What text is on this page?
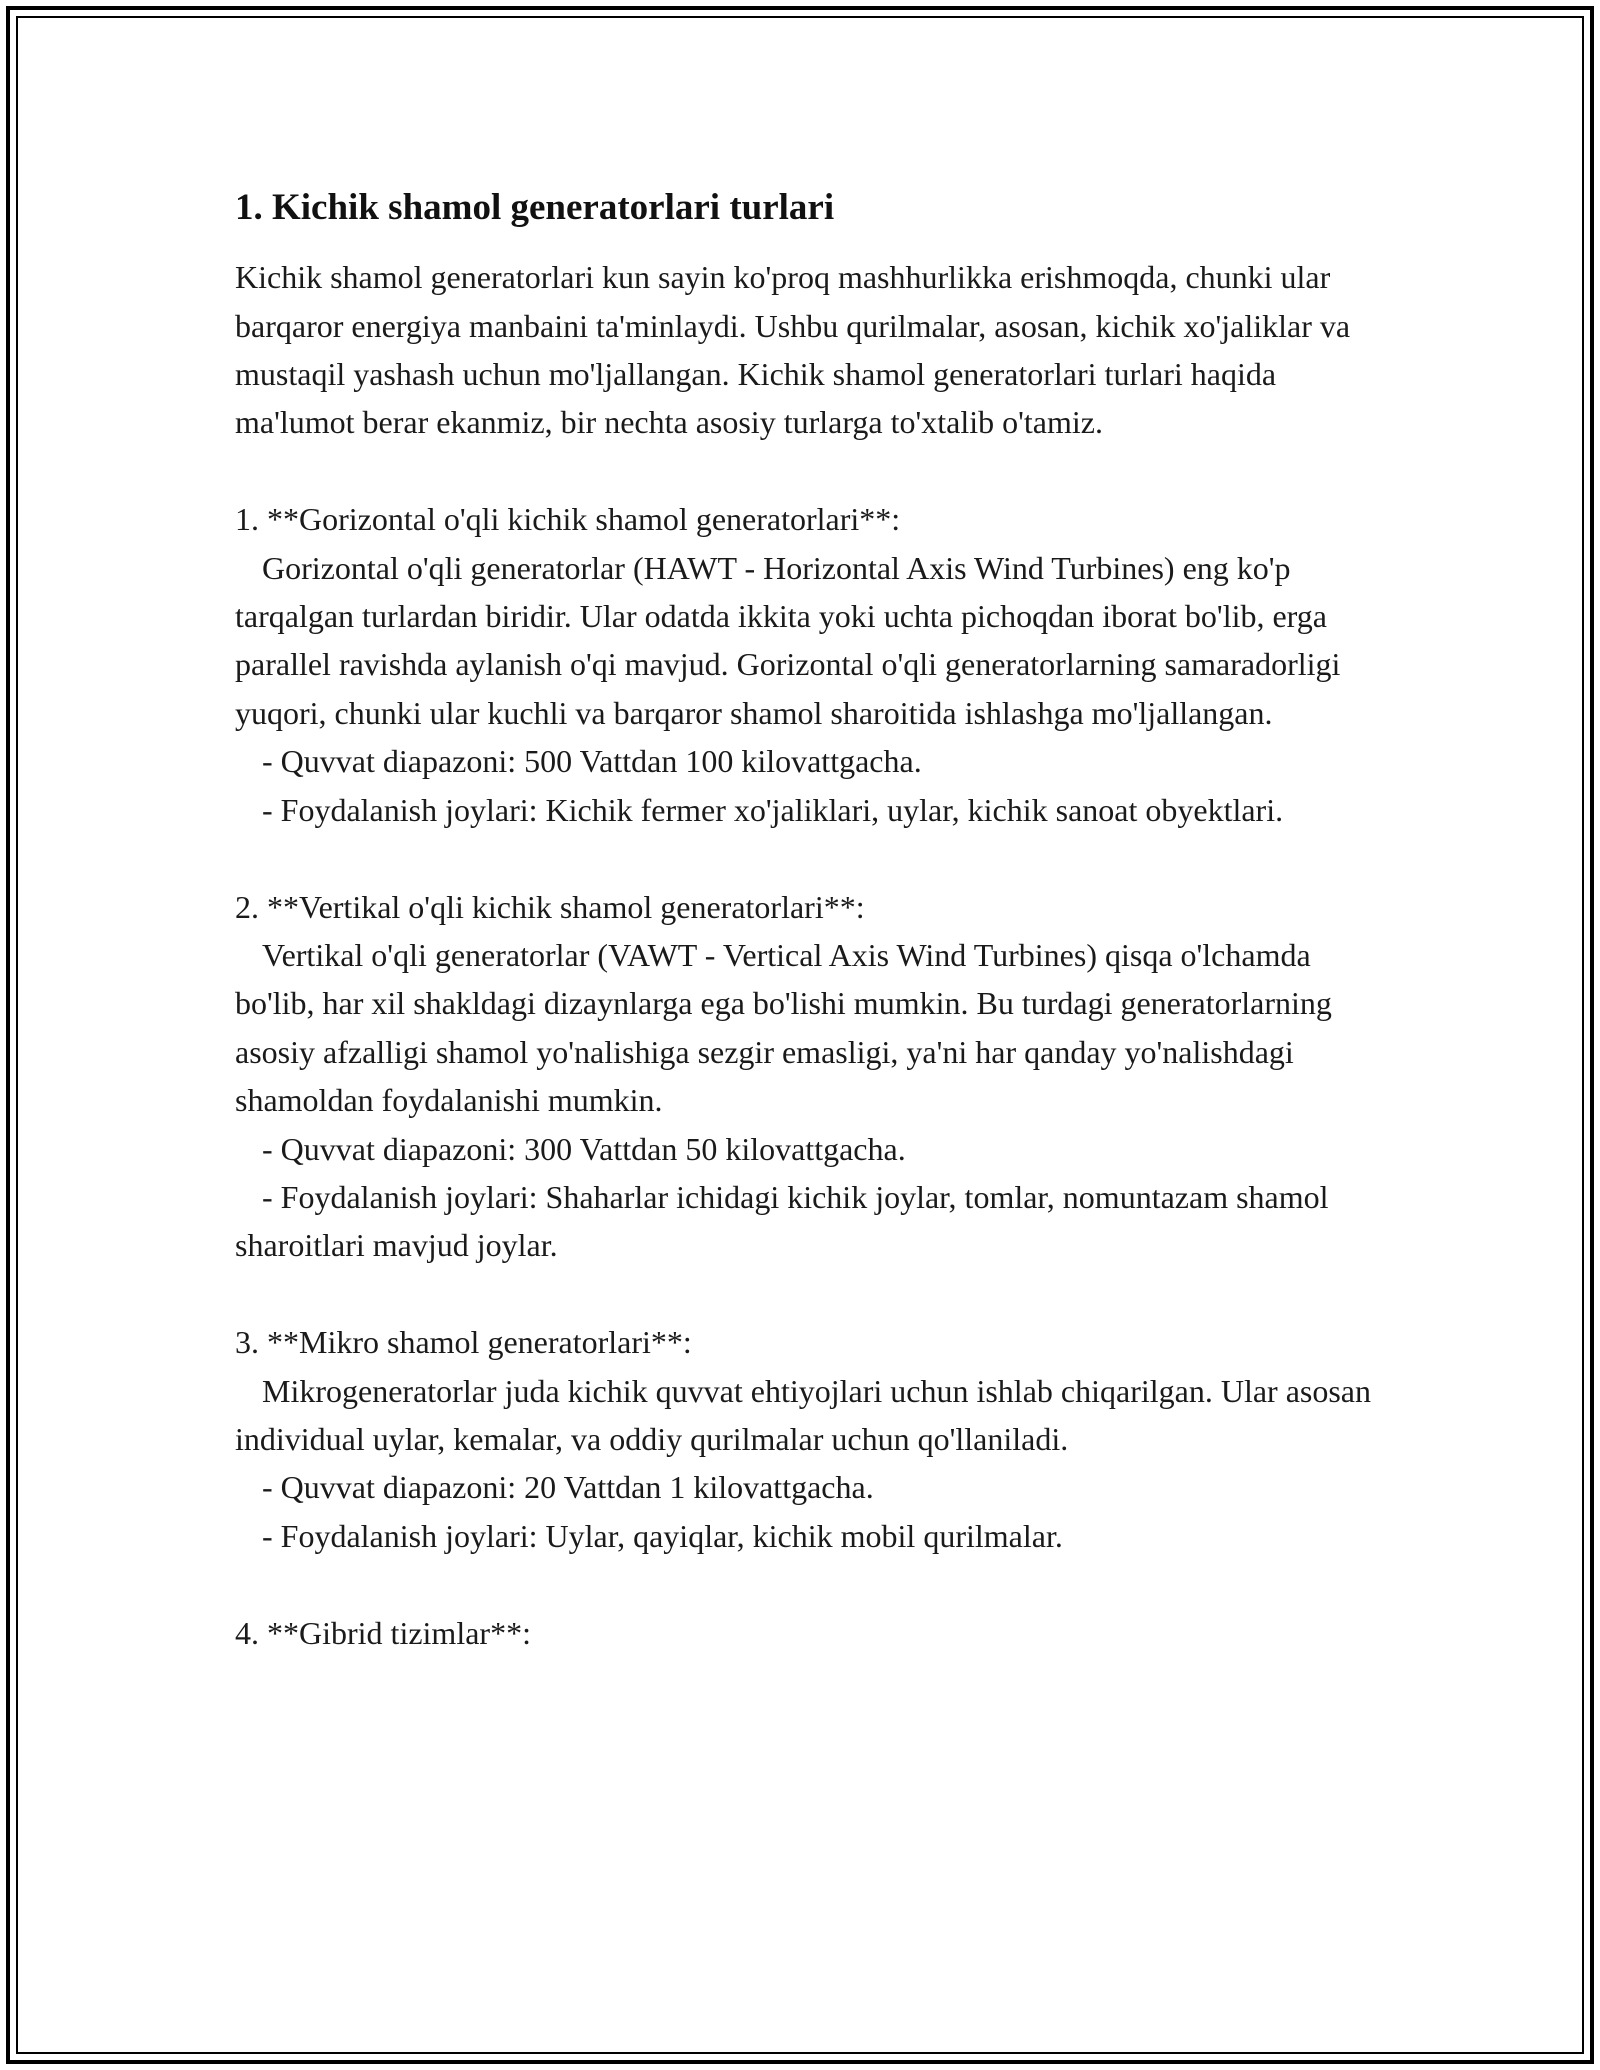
1. Kichik shamol generatorlari turlari

Kichik shamol generatorlari kun sayin ko'proq mashhurlikka erishmoqda, chunki ular barqaror energiya manbaini ta'minlaydi. Ushbu qurilmalar, asosan, kichik xo'jaliklar va mustaqil yashash uchun mo'ljallangan. Kichik shamol generatorlari turlari haqida ma'lumot berar ekanmiz, bir nechta asosiy turlarga to'xtalib o'tamiz.

1. **Gorizontal o'qli kichik shamol generatorlari**:

Gorizontal o'qli generatorlar (HAWT - Horizontal Axis Wind Turbines) eng ko'p tarqalgan turlardan biridir. Ular odatda ikkita yoki uchta pichoqdan iborat bo'lib, erga parallel ravishda aylanish o'qi mavjud. Gorizontal o'qli generatorlarning samaradorligi yuqori, chunki ular kuchli va barqaror shamol sharoitida ishlashga mo'ljallangan.

- Quvvat diapazoni: 500 Vattdan 100 kilovattgacha.

- Foydalanish joylari: Kichik fermer xo'jaliklari, uylar, kichik sanoat obyektlari.

2. **Vertikal o'qli kichik shamol generatorlari**:

Vertikal o'qli generatorlar (VAWT - Vertical Axis Wind Turbines) qisqa o'lchamda bo'lib, har xil shakldagi dizaynlarga ega bo'lishi mumkin. Bu turdagi generatorlarning asosiy afzalligi shamol yo'nalishiga sezgir emasligi, ya'ni har qanday yo'nalishdagi shamoldan foydalanishi mumkin.

- Quvvat diapazoni: 300 Vattdan 50 kilovattgacha.

- Foydalanish joylari: Shaharlar ichidagi kichik joylar, tomlar, nomuntazam shamol sharoitlari mavjud joylar.

3. **Mikro shamol generatorlari**:

Mikrogeneratorlar juda kichik quvvat ehtiyojlari uchun ishlab chiqarilgan. Ular asosan individual uylar, kemalar, va oddiy qurilmalar uchun qo'llaniladi.

- Quvvat diapazoni: 20 Vattdan 1 kilovattgacha.

- Foydalanish joylari: Uylar, qayiqlar, kichik mobil qurilmalar.

4. **Gibrid tizimlar**:
